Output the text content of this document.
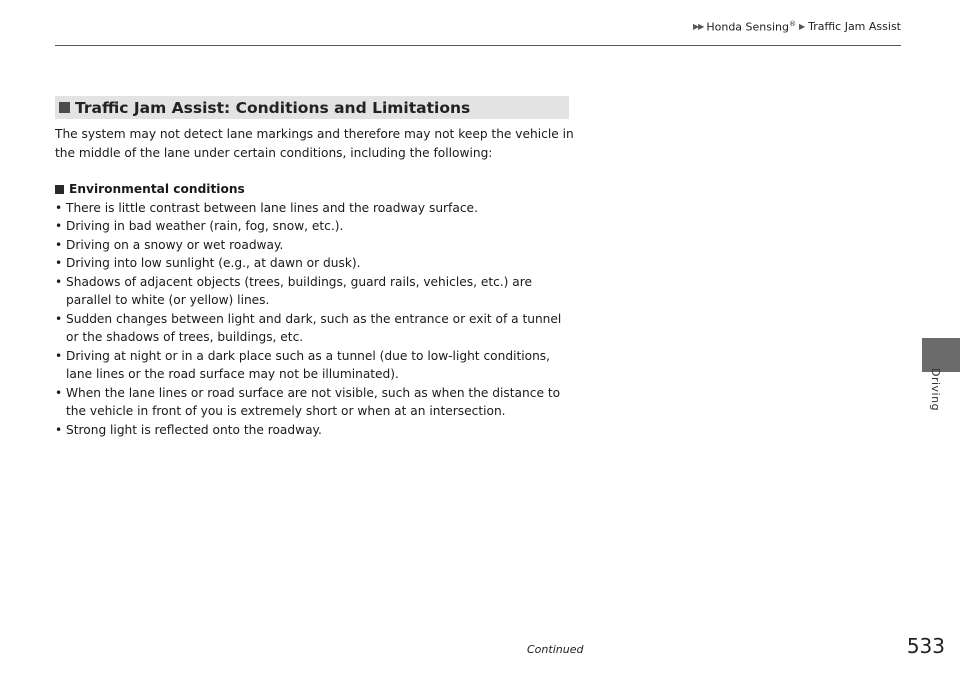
▶▶ Honda Sensing® ▶ Traffic Jam Assist
Traffic Jam Assist: Conditions and Limitations

The system may not detect lane markings and therefore may not keep the vehicle in the middle of the lane under certain conditions, including the following:

Environmental conditions
• There is little contrast between lane lines and the roadway surface.
• Driving in bad weather (rain, fog, snow, etc.).
• Driving on a snowy or wet roadway.
• Driving into low sunlight (e.g., at dawn or dusk).
• Shadows of adjacent objects (trees, buildings, guard rails, vehicles, etc.) are parallel to white (or yellow) lines.
• Sudden changes between light and dark, such as the entrance or exit of a tunnel or the shadows of trees, buildings, etc.
• Driving at night or in a dark place such as a tunnel (due to low-light conditions, lane lines or the road surface may not be illuminated).
• When the lane lines or road surface are not visible, such as when the distance to the vehicle in front of you is extremely short or when at an intersection.
• Strong light is reflected onto the roadway.
Driving
Continued	533
